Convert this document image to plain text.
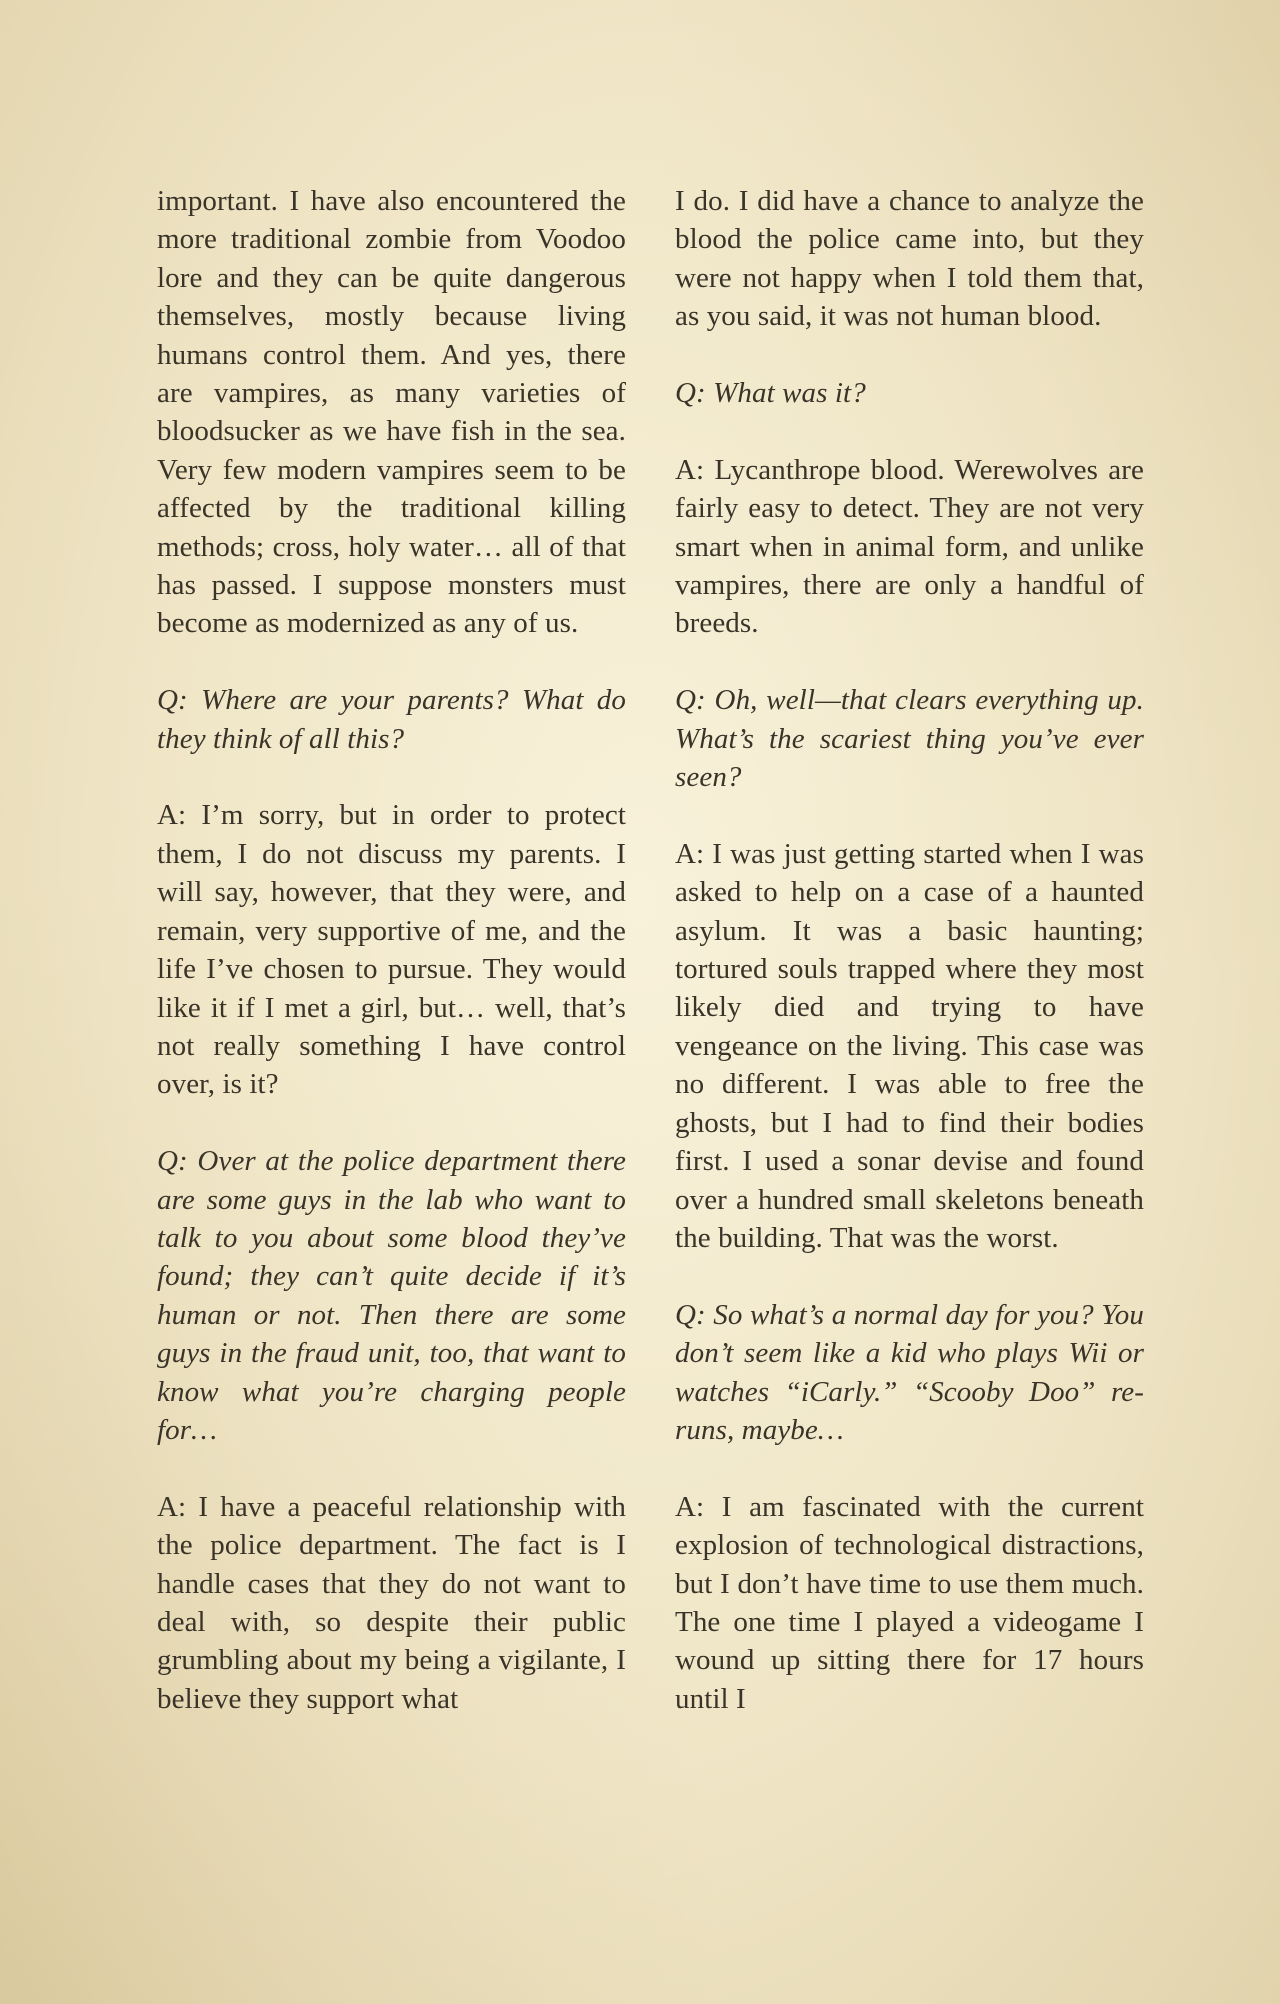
important. I have also encountered the more traditional zombie from Voodoo lore and they can be quite dangerous themselves, mostly because living humans control them. And yes, there are vampires, as many varieties of bloodsucker as we have fish in the sea. Very few modern vampires seem to be affected by the traditional killing methods; cross, holy water… all of that has passed. I suppose monsters must become as modernized as any of us.

Q: Where are your parents? What do they think of all this?

A: I’m sorry, but in order to protect them, I do not discuss my parents. I will say, however, that they were, and remain, very supportive of me, and the life I’ve chosen to pursue. They would like it if I met a girl, but… well, that’s not really something I have control over, is it?

Q: Over at the police department there are some guys in the lab who want to talk to you about some blood they’ve found; they can’t quite decide if it’s human or not. Then there are some guys in the fraud unit, too, that want to know what you’re charging people for…

A: I have a peaceful relationship with the police department. The fact is I handle cases that they do not want to deal with, so despite their public grumbling about my being a vigilante, I believe they support what

I do. I did have a chance to analyze the blood the police came into, but they were not happy when I told them that, as you said, it was not human blood.

Q: What was it?

A: Lycanthrope blood. Werewolves are fairly easy to detect. They are not very smart when in animal form, and unlike vampires, there are only a handful of breeds.

Q: Oh, well—that clears everything up. What’s the scariest thing you’ve ever seen?

A: I was just getting started when I was asked to help on a case of a haunted asylum. It was a basic haunting; tortured souls trapped where they most likely died and trying to have vengeance on the living. This case was no different. I was able to free the ghosts, but I had to find their bodies first. I used a sonar devise and found over a hundred small skeletons beneath the building. That was the worst.

Q: So what’s a normal day for you? You don’t seem like a kid who plays Wii or watches “iCarly.” “Scooby Doo” re-runs, maybe…

A: I am fascinated with the current explosion of technological distractions, but I don’t have time to use them much. The one time I played a videogame I wound up sitting there for 17 hours until I
